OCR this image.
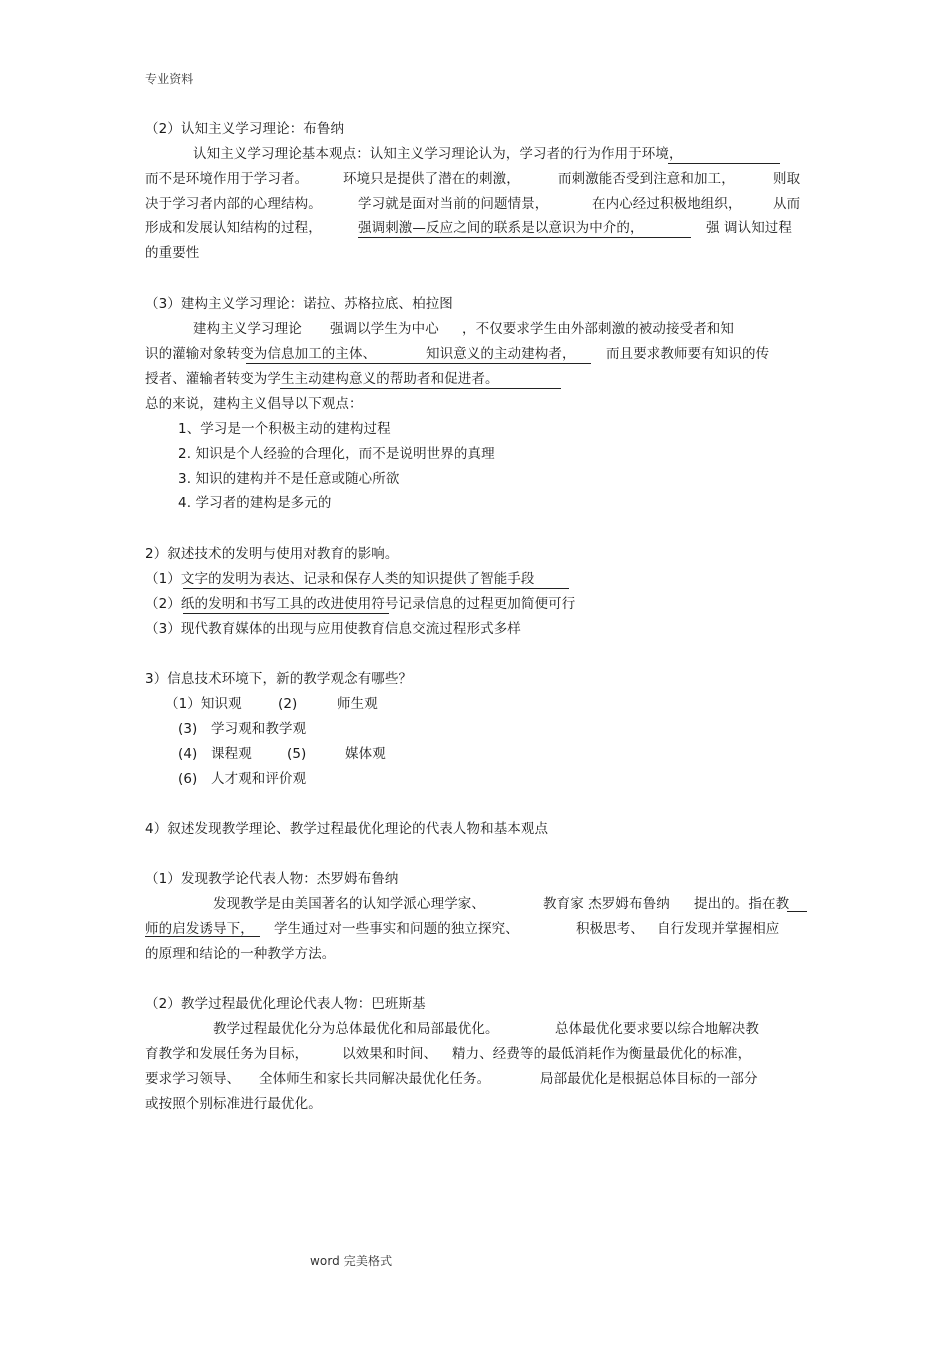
专业资料
（2）认知主义学习理论：布鲁纳
认知主义学习理论基本观点：认知主义学习理论认为，学习者的行为作用于环境，
而不是环境作用于学习者。	环境只是提供了潜在的刺激，	而刺激能否受到注意和加工，	则取
决于学习者内部的心理结构。	学习就是面对当前的问题情景，	在内心经过积极地组织， 从而
形成和发展认知结构的过程，	强调刺激—反应之间的联系是以意识为中介的，	强 调认知过程
的重要性
（3）建构主义学习理论：诺拉、苏格拉底、柏拉图
建构主义学习理论 强调以学生为中心 ，不仅要求学生由外部刺激的被动接受者和知
识的灌输对象转变为信息加工的主体、	知识意义的主动建构者， 而且要求教师要有知识的传
授者、灌输者转变为学生主动建构意义的帮助者和促进者。
总的来说，建构主义倡导以下观点：
1、学习是一个积极主动的建构过程
2. 知识是个人经验的合理化，而不是说明世界的真理
3. 知识的建构并不是任意或随心所欲
4. 学习者的建构是多元的
2）叙述技术的发明与使用对教育的影响。
（1）文字的发明为表达、记录和保存人类的知识提供了智能手段
（2）纸的发明和书写工具的改进使用符号记录信息的过程更加简便可行
（3）现代教育媒体的出现与应用使教育信息交流过程形式多样
3）信息技术环境下，新的教学观念有哪些？
（1）知识观	(2)	师生观
(3) 学习观和教学观
(4) 课程观	(5)	媒体观
(6) 人才观和评价观
4）叙述发现教学理论、教学过程最优化理论的代表人物和基本观点
（1）发现教学论代表人物：杰罗姆布鲁纳
发现教学是由美国著名的认知学派心理学家、	教育家 杰罗姆布鲁纳 提出的。指在教
师的启发诱导下， 学生通过对一些事实和问题的独立探究、	积极思考、 自行发现并掌握相应
的原理和结论的一种教学方法。
（2）教学过程最优化理论代表人物：巴班斯基
教学过程最优化分为总体最优化和局部最优化。	总体最优化要求要以综合地解决教
育教学和发展任务为目标，	以效果和时间、 精力、经费等的最低消耗作为衡量最优化的标准，
要求学习领导、 全体师生和家长共同解决最优化任务。	局部最优化是根据总体目标的一部分
或按照个别标准进行最优化。
word 完美格式
